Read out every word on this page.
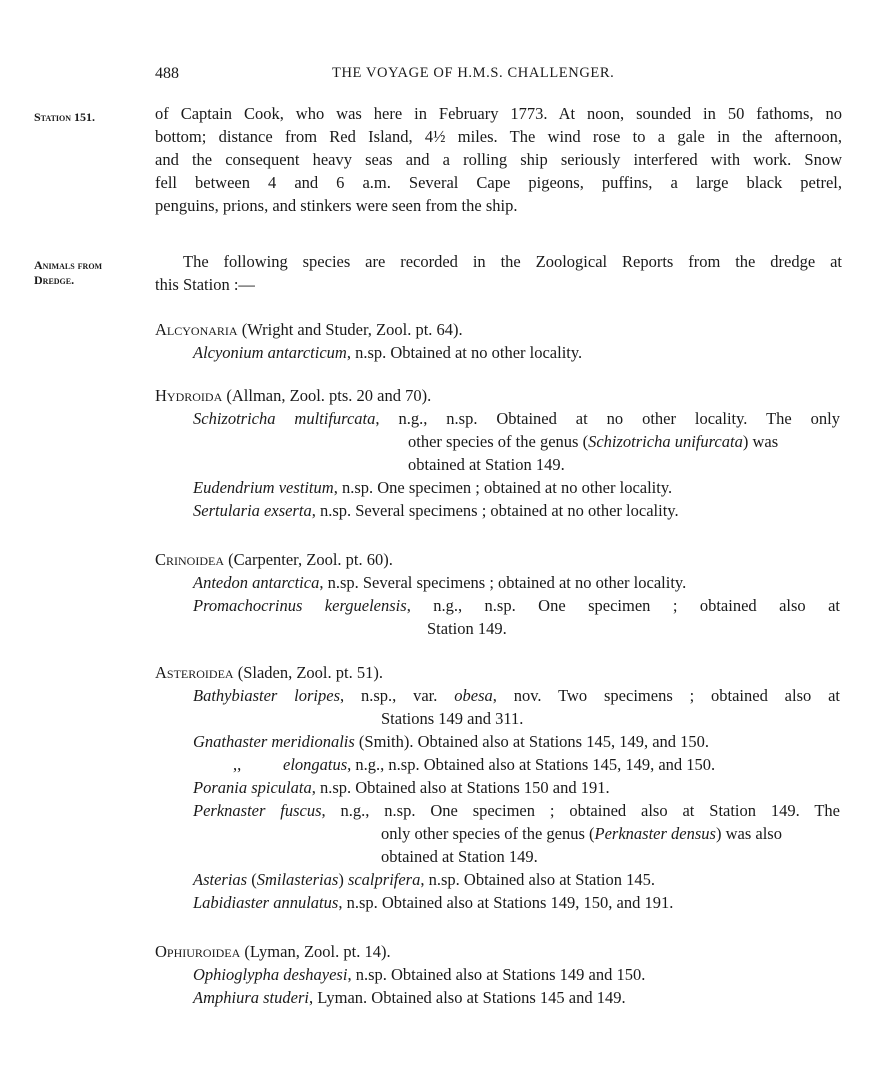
488	THE VOYAGE OF H.M.S. CHALLENGER.
Station 151.	of Captain Cook, who was here in February 1773. At noon, sounded in 50 fathoms, no
bottom; distance from Red Island, 4½ miles. The wind rose to a gale in the afternoon,
and the consequent heavy seas and a rolling ship seriously interfered with work. Snow
fell between 4 and 6 a.m. Several Cape pigeons, puffins, a large black petrel,
penguins, prions, and stinkers were seen from the ship.
Animals from
Dredge.
The following species are recorded in the Zoological Reports from the dredge at
this Station :—
Alcyonaria (Wright and Studer, Zool. pt. 64).
Alcyonium antarcticum, n.sp. Obtained at no other locality.
Hydroida (Allman, Zool. pts. 20 and 70).
Schizotricha multifurcata, n.g., n.sp. Obtained at no other locality. The only
other species of the genus (Schizotricha unifurcata) was
obtained at Station 149.
Eudendrium vestitum, n.sp. One specimen ; obtained at no other locality.
Sertularia exserta, n.sp. Several specimens ; obtained at no other locality.
Crinoidea (Carpenter, Zool. pt. 60).
Antedon antarctica, n.sp. Several specimens ; obtained at no other locality.
Promachocrinus kerguelensis, n.g., n.sp. One specimen ; obtained also at
Station 149.
Asteroidea (Sladen, Zool. pt. 51).
Bathybiaster loripes, n.sp., var. obesa, nov. Two specimens ; obtained also at
Stations 149 and 311.
Gnathaster meridionalis (Smith). Obtained also at Stations 145, 149, and 150.
,,	elongatus, n.g., n.sp. Obtained also at Stations 145, 149, and 150.
Porania spiculata, n.sp. Obtained also at Stations 150 and 191.
Perknaster fuscus, n.g., n.sp. One specimen ; obtained also at Station 149. The
only other species of the genus (Perknaster densus) was also
obtained at Station 149.
Asterias (Smilasterias) scalprifera, n.sp. Obtained also at Station 145.
Labidiaster annulatus, n.sp. Obtained also at Stations 149, 150, and 191.
Ophiuroidea (Lyman, Zool. pt. 14).
Ophioglypha deshayesi, n.sp. Obtained also at Stations 149 and 150.
Amphiura studeri, Lyman. Obtained also at Stations 145 and 149.
